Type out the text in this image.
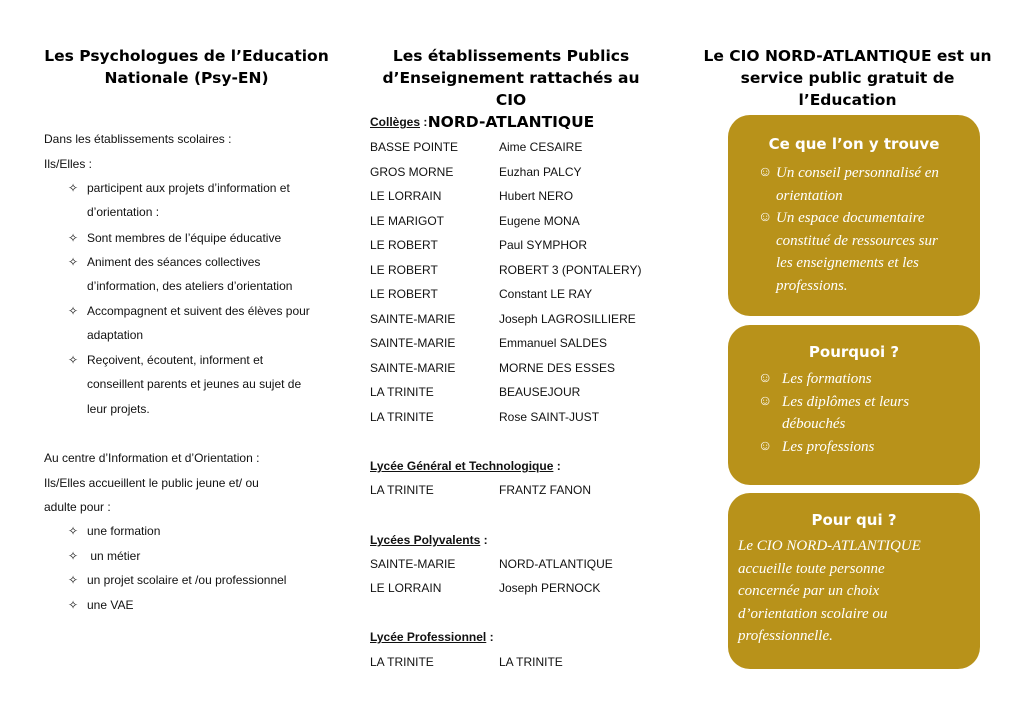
Les Psychologues de l’Education
Nationale (Psy-EN)
Dans les établissements scolaires :
Ils/Elles :
✧ participent aux projets d’information et
d’orientation :
✧ Sont membres de l’équipe éducative
✧ Animent des séances collectives
d’information, des ateliers d’orientation
✧ Accompagnent et suivent des élèves pour
adaptation
✧ Reçoivent, écoutent, informent et
conseillent parents et jeunes au sujet de
leur projets.
Au centre d’Information et d’Orientation :
Ils/Elles accueillent le public jeune et/ ou
adulte pour :
✧ une formation
✧ un métier
✧ un projet scolaire et /ou professionnel
✧ une VAE
Les établissements Publics
d’Enseignement rattachés au CIO
NORD-ATLANTIQUE
Collèges :
BASSE POINTE	Aime CESAIRE
GROS MORNE	Euzhan PALCY
LE LORRAIN	Hubert NERO
LE MARIGOT	Eugene MONA
LE ROBERT	Paul SYMPHOR
LE ROBERT	ROBERT 3 (PONTALERY)
LE ROBERT	Constant LE RAY
SAINTE-MARIE	Joseph LAGROSILLIERE
SAINTE-MARIE	Emmanuel SALDES
SAINTE-MARIE	MORNE DES ESSES
LA TRINITE	BEAUSEJOUR
LA TRINITE	Rose SAINT-JUST
Lycée Général et Technologique :
LA TRINITE	FRANTZ FANON
Lycées Polyvalents :
SAINTE-MARIE	NORD-ATLANTIQUE
LE LORRAIN	Joseph PERNOCK
Lycée Professionnel :
LA TRINITE	LA TRINITE
Le CIO NORD-ATLANTIQUE est un
service public gratuit de l’Education
Ce que l’on y trouve
☺ Un conseil personnalisé en
orientation
☺ Un espace documentaire
constitué de ressources sur
les enseignements et les
professions.
Pourquoi ?
☺ Les formations
☺ Les diplômes et leurs
débouchés
☺ Les professions
Pour qui ?
Le CIO NORD-ATLANTIQUE
accueille toute personne
concernée par un choix
d’orientation scolaire ou
professionnelle.
